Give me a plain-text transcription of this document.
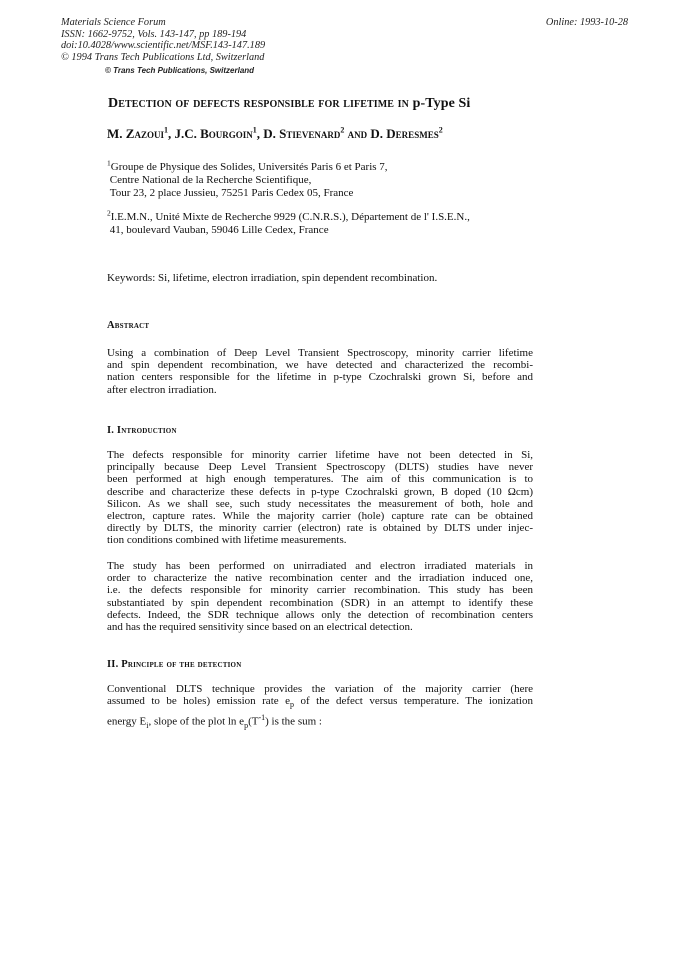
Materials Science Forum
ISSN: 1662-9752, Vols. 143-147, pp 189-194
doi:10.4028/www.scientific.net/MSF.143-147.189
© 1994 Trans Tech Publications Ltd, Switzerland
Online: 1993-10-28
© Trans Tech Publications, Switzerland
Detection of defects responsible for lifetime in p-Type Si
M. Zazoui$^1$, J.C. Bourgoin$^1$, D. Stievenard$^2$ and D. Deresmes$^2$
$^1$Groupe de Physique des Solides, Universités Paris 6 et Paris 7,
Centre National de la Recherche Scientifique,
Tour 23, 2 place Jussieu, 75251 Paris Cedex 05, France
$^2$I.E.M.N., Unité Mixte de Recherche 9929 (C.N.R.S.), Département de l' I.S.E.N.,
41, boulevard Vauban, 59046 Lille Cedex, France
Keywords: Si, lifetime, electron irradiation, spin dependent recombination.
Abstract
Using a combination of Deep Level Transient Spectroscopy, minority carrier lifetime
and spin dependent recombination, we have detected and characterized the recombi-
nation centers responsible for the lifetime in p-type Czochralski grown Si, before and
after electron irradiation.
I. Introduction
The defects responsible for minority carrier lifetime have not been detected in Si,
principally because Deep Level Transient Spectroscopy (DLTS) studies have never
been performed at high enough temperatures. The aim of this communication is to
describe and characterize these defects in p-type Czochralski grown, B doped (10 Ωcm)
Silicon. As we shall see, such study necessitates the measurement of both, hole and
electron, capture rates. While the majority carrier (hole) capture rate can be obtained
directly by DLTS, the minority carrier (electron) rate is obtained by DLTS under injec-
tion conditions combined with lifetime measurements.
The study has been performed on unirradiated and electron irradiated materials in
order to characterize the native recombination center and the irradiation induced one,
i.e. the defects responsible for minority carrier recombination. This study has been
substantiated by spin dependent recombination (SDR) in an attempt to identify these
defects. Indeed, the SDR technique allows only the detection of recombination centers
and has the required sensitivity since based on an electrical detection.
II. Principle of the detection
Conventional DLTS technique provides the variation of the majority carrier (here
assumed to be holes) emission rate $e_p$ of the defect versus temperature. The ionization
energy $E_i$, slope of the plot $\ln e_p(T^{-1})$ is the sum :
